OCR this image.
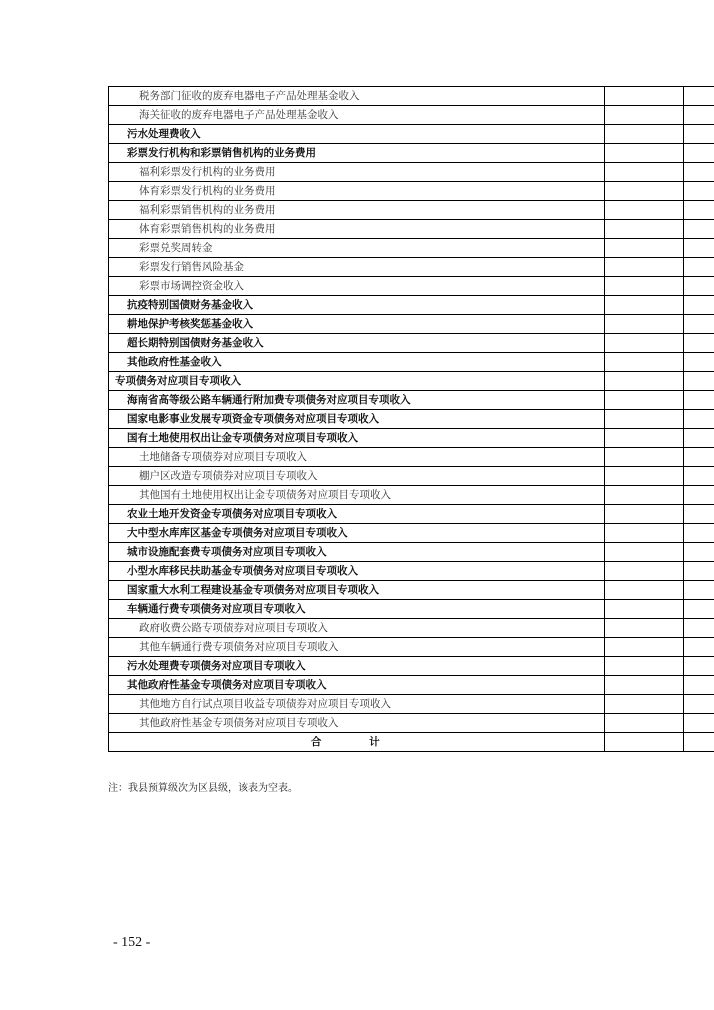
税务部门征收的废弃电器电子产品处理基金收入		
海关征收的废弃电器电子产品处理基金收入		
污水处理费收入		
彩票发行机构和彩票销售机构的业务费用		
福利彩票发行机构的业务费用		
体育彩票发行机构的业务费用		
福利彩票销售机构的业务费用		
体育彩票销售机构的业务费用		
彩票兑奖周转金		
彩票发行销售风险基金		
彩票市场调控资金收入		
抗疫特别国债财务基金收入		
耕地保护考核奖惩基金收入		
超长期特别国债财务基金收入		
其他政府性基金收入		
专项债务对应项目专项收入		
海南省高等级公路车辆通行附加费专项债务对应项目专项收入		
国家电影事业发展专项资金专项债务对应项目专项收入		
国有土地使用权出让金专项债务对应项目专项收入		
土地储备专项债券对应项目专项收入		
棚户区改造专项债券对应项目专项收入		
其他国有土地使用权出让金专项债务对应项目专项收入		
农业土地开发资金专项债务对应项目专项收入		
大中型水库库区基金专项债务对应项目专项收入		
城市设施配套费专项债务对应项目专项收入		
小型水库移民扶助基金专项债务对应项目专项收入		
国家重大水利工程建设基金专项债务对应项目专项收入		
车辆通行费专项债务对应项目专项收入		
政府收费公路专项债券对应项目专项收入		
其他车辆通行费专项债务对应项目专项收入		
污水处理费专项债务对应项目专项收入		
其他政府性基金专项债务对应项目专项收入		
其他地方自行试点项目收益专项债券对应项目专项收入		
其他政府性基金专项债务对应项目专项收入		
合 计		
注：我县预算级次为区县级，该表为空表。
- 152 -
